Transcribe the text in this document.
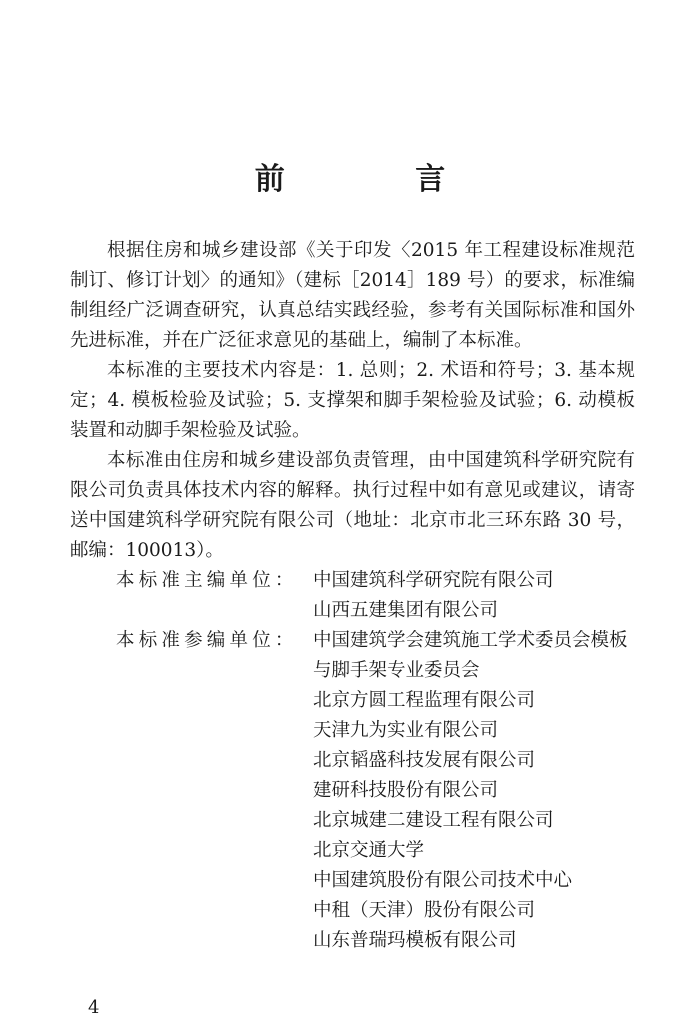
前 言

根据住房和城乡建设部《关于印发〈2015 年工程建设标准规范制订、修订计划〉的通知》（建标［2014］189 号）的要求，标准编制组经广泛调查研究，认真总结实践经验，参考有关国际标准和国外先进标准，并在广泛征求意见的基础上，编制了本标准。

本标准的主要技术内容是：1. 总则；2. 术语和符号；3. 基本规定；4. 模板检验及试验；5. 支撑架和脚手架检验及试验；6. 动模板装置和动脚手架检验及试验。

本标准由住房和城乡建设部负责管理，由中国建筑科学研究院有限公司负责具体技术内容的解释。执行过程中如有意见或建议，请寄送中国建筑科学研究院有限公司（地址：北京市北三环东路 30 号，邮编：100013）。

本标准主编单位： 中国建筑科学研究院有限公司
山西五建集团有限公司
本标准参编单位： 中国建筑学会建筑施工学术委员会模板与脚手架专业委员会
北京方圆工程监理有限公司
天津九为实业有限公司
北京韬盛科技发展有限公司
建研科技股份有限公司
北京城建二建设工程有限公司
北京交通大学
中国建筑股份有限公司技术中心
中租（天津）股份有限公司
山东普瑞玛模板有限公司
4
